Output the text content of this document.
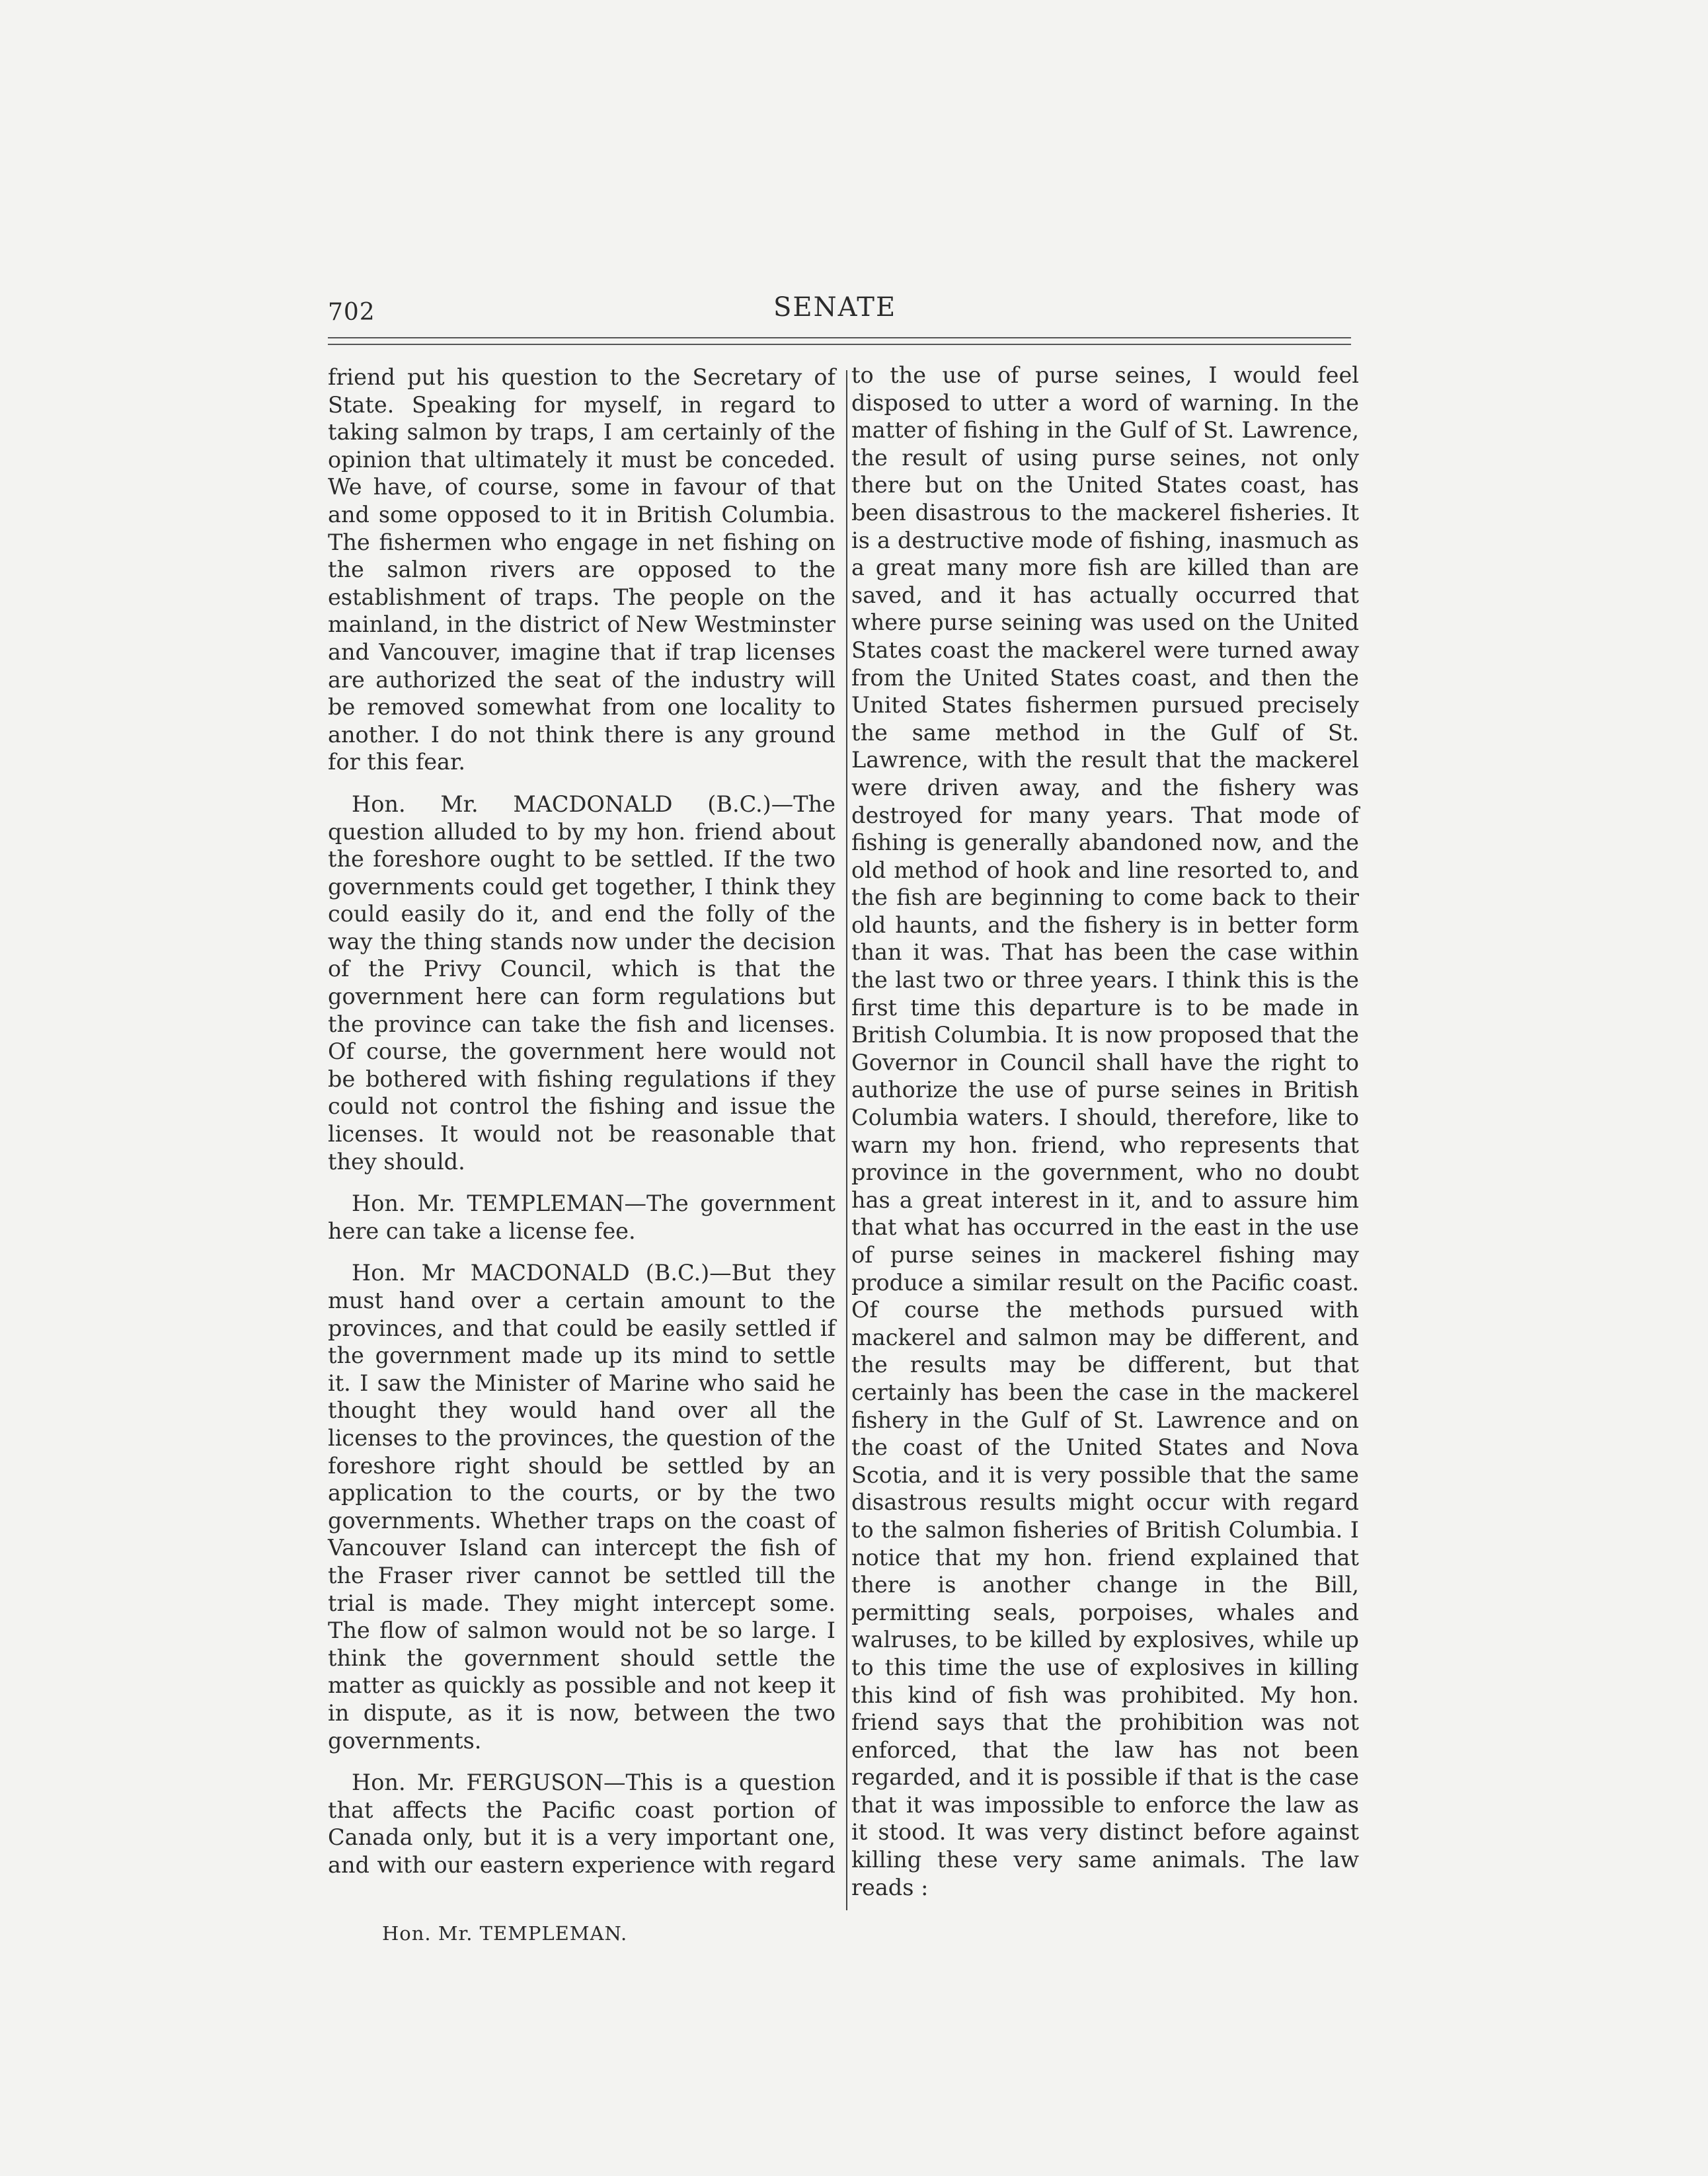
702	SENATE

friend put his question to the Secretary of State. Speaking for myself, in regard to taking salmon by traps, I am certainly of the opinion that ultimately it must be conceded. We have, of course, some in favour of that and some opposed to it in British Columbia. The fishermen who engage in net fishing on the salmon rivers are opposed to the establishment of traps. The people on the mainland, in the district of New Westminster and Vancouver, imagine that if trap licenses are authorized the seat of the industry will be removed somewhat from one locality to another. I do not think there is any ground for this fear.

Hon. Mr. MACDONALD (B.C.)—The question alluded to by my hon. friend about the foreshore ought to be settled. If the two governments could get together, I think they could easily do it, and end the folly of the way the thing stands now under the decision of the Privy Council, which is that the government here can form regulations but the province can take the fish and licenses. Of course, the government here would not be bothered with fishing regulations if they could not control the fishing and issue the licenses. It would not be reasonable that they should.

Hon. Mr. TEMPLEMAN—The government here can take a license fee.

Hon. Mr MACDONALD (B.C.)—But they must hand over a certain amount to the provinces, and that could be easily settled if the government made up its mind to settle it. I saw the Minister of Marine who said he thought they would hand over all the licenses to the provinces, the question of the foreshore right should be settled by an application to the courts, or by the two governments. Whether traps on the coast of Vancouver Island can intercept the fish of the Fraser river cannot be settled till the trial is made. They might intercept some. The flow of salmon would not be so large. I think the government should settle the matter as quickly as possible and not keep it in dispute, as it is now, between the two governments.

Hon. Mr. FERGUSON—This is a question that affects the Pacific coast portion of Canada only, but it is a very important one, and with our eastern experience with regard

to the use of purse seines, I would feel disposed to utter a word of warning. In the matter of fishing in the Gulf of St. Lawrence, the result of using purse seines, not only there but on the United States coast, has been disastrous to the mackerel fisheries. It is a destructive mode of fishing, inasmuch as a great many more fish are killed than are saved, and it has actually occurred that where purse seining was used on the United States coast the mackerel were turned away from the United States coast, and then the United States fishermen pursued precisely the same method in the Gulf of St. Lawrence, with the result that the mackerel were driven away, and the fishery was destroyed for many years. That mode of fishing is generally abandoned now, and the old method of hook and line resorted to, and the fish are beginning to come back to their old haunts, and the fishery is in better form than it was. That has been the case within the last two or three years. I think this is the first time this departure is to be made in British Columbia. It is now proposed that the Governor in Council shall have the right to authorize the use of purse seines in British Columbia waters. I should, therefore, like to warn my hon. friend, who represents that province in the government, who no doubt has a great interest in it, and to assure him that what has occurred in the east in the use of purse seines in mackerel fishing may produce a similar result on the Pacific coast. Of course the methods pursued with mackerel and salmon may be different, and the results may be different, but that certainly has been the case in the mackerel fishery in the Gulf of St. Lawrence and on the coast of the United States and Nova Scotia, and it is very possible that the same disastrous results might occur with regard to the salmon fisheries of British Columbia. I notice that my hon. friend explained that there is another change in the Bill, permitting seals, porpoises, whales and walruses, to be killed by explosives, while up to this time the use of explosives in killing this kind of fish was prohibited. My hon. friend says that the prohibition was not enforced, that the law has not been regarded, and it is possible if that is the case that it was impossible to enforce the law as it stood. It was very distinct before against killing these very same animals. The law reads :

Hon. Mr. TEMPLEMAN.
